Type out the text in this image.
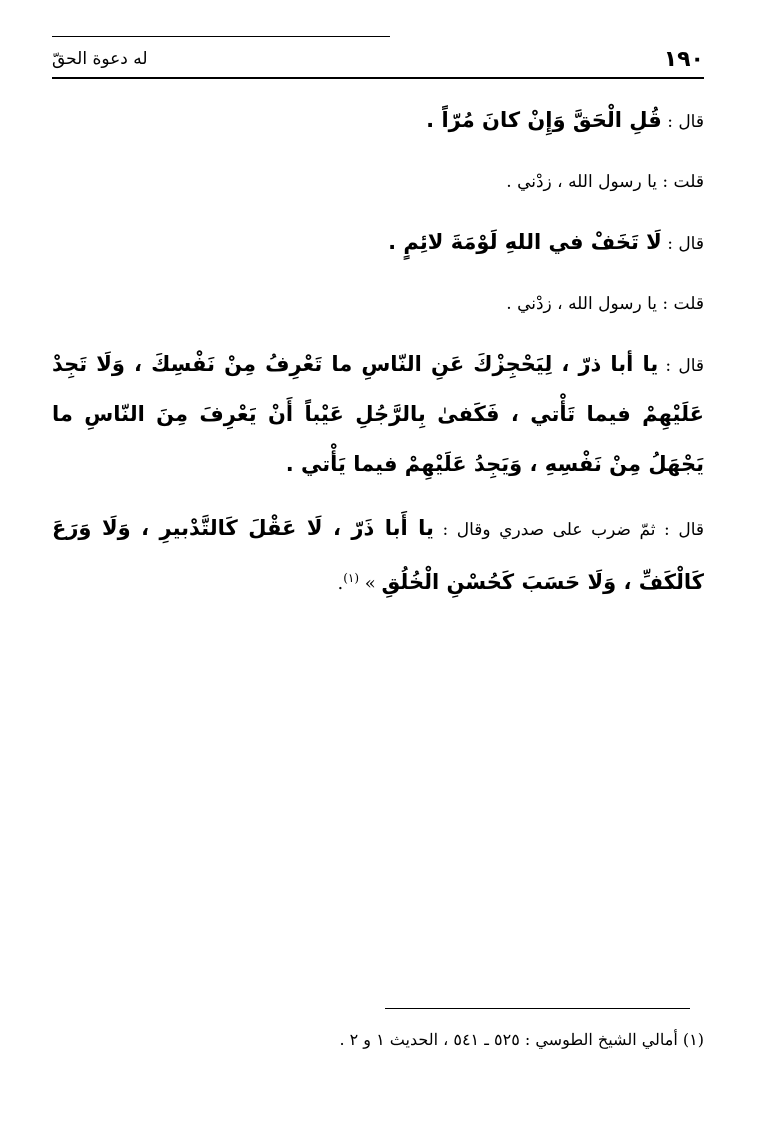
١٩٠
له دعوة الحقّ

قال : قُلِ الْحَقَّ وَإِنْ كانَ مُرّاً .

قلت : يا رسول الله ، زدْني .

قال : لَا تَخَفْ في اللهِ لَوْمَةَ لائِمٍ .

قلت : يا رسول الله ، زدْني .

قال : يا أبا ذرّ ، لِيَحْجِزْكَ عَنِ النّاسِ ما تَعْرِفُ مِنْ نَفْسِكَ ، وَلَا تَجِدْ عَلَيْهِمْ فيما تَأْتي ، فَكَفىٰ بِالرَّجُلِ عَيْباً أَنْ يَعْرِفَ مِنَ النّاسِ ما يَجْهَلُ مِنْ نَفْسِهِ ، وَيَجِدُ عَلَيْهِمْ فيما يَأْتي .

قال : ثمّ ضرب على صدري وقال : يا أَبا ذَرّ ، لَا عَقْلَ كَالتَّدْبيرِ ، وَلَا وَرَعَ كَالْكَفِّ ، وَلَا حَسَبَ كَحُسْنِ الْخُلُقِ » $^{(١)}$.

(١) أمالي الشيخ الطوسي : ٥٢٥ ـ ٥٤١ ، الحديث ١ و ٢ .
